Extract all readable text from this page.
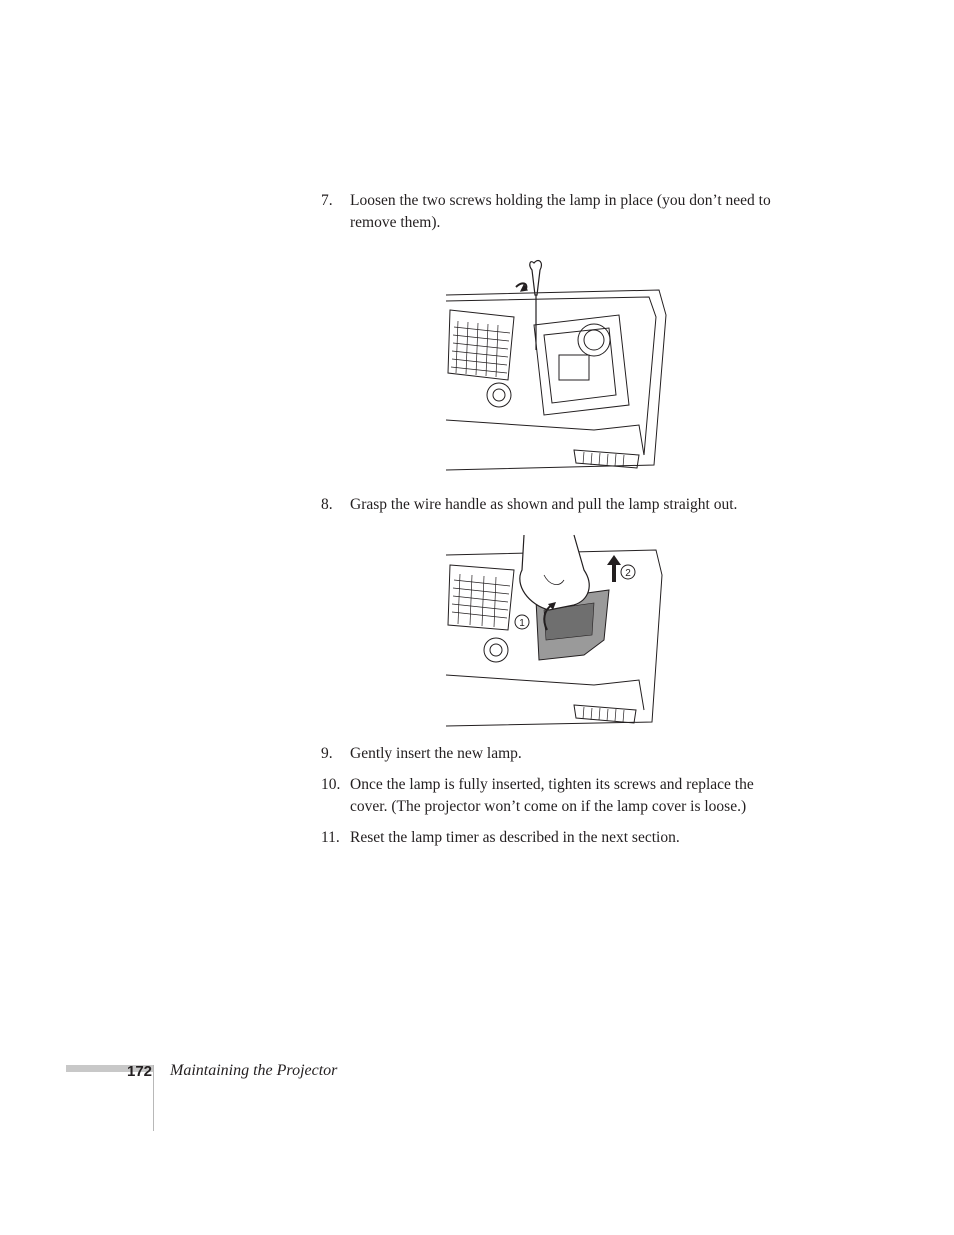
7. Loosen the two screws holding the lamp in place (you don’t need to remove them).
8. Grasp the wire handle as shown and pull the lamp straight out.
1
2
9. Gently insert the new lamp.
10. Once the lamp is fully inserted, tighten its screws and replace the cover. (The projector won’t come on if the lamp cover is loose.)
11. Reset the lamp timer as described in the next section.
172 Maintaining the Projector
